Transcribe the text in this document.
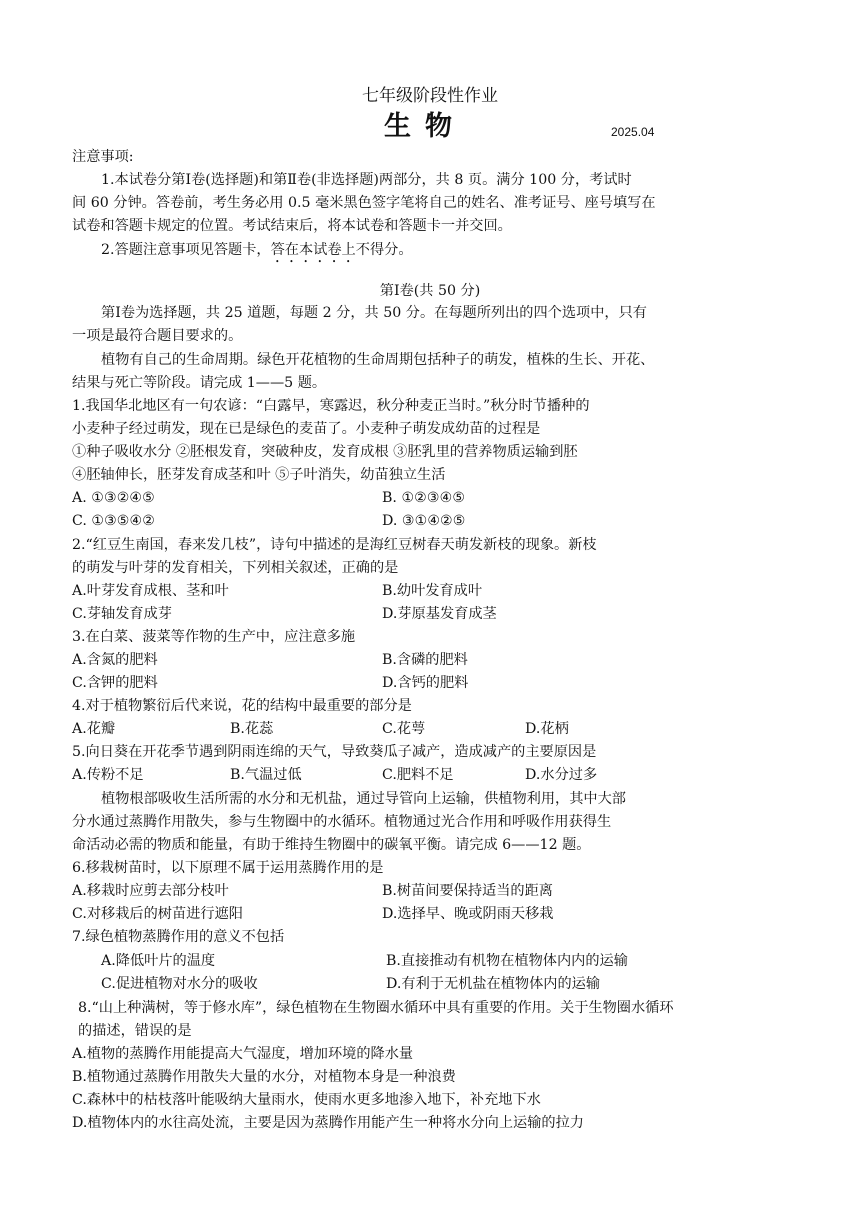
七年级阶段性作业
生物	2025.04
注意事项:
1.本试卷分第Ⅰ卷(选择题)和第Ⅱ卷(非选择题)两部分，共 8 页。满分 100 分，考试时
间 60 分钟。答卷前，考生务必用 0.5 毫米黑色签字笔将自己的姓名、准考证号、座号填写在
试卷和答题卡规定的位置。考试结束后，将本试卷和答题卡一并交回。
2.答题注意事项见答题卡，答在本试卷上不得分。
第Ⅰ卷(共 50 分)
第Ⅰ卷为选择题，共 25 道题，每题 2 分，共 50 分。在每题所列出的四个选项中，只有
一项是最符合题目要求的。
植物有自己的生命周期。绿色开花植物的生命周期包括种子的萌发，植株的生长、开花、
结果与死亡等阶段。请完成 1——5 题。
1.我国华北地区有一句农谚：“白露早，寒露迟，秋分种麦正当时。”秋分时节播种的
小麦种子经过萌发，现在已是绿色的麦苗了。小麦种子萌发成幼苗的过程是
①种子吸收水分 ②胚根发育，突破种皮，发育成根 ③胚乳里的营养物质运输到胚
④胚轴伸长，胚芽发育成茎和叶 ⑤子叶消失，幼苗独立生活
A. ①③②④⑤	B. ①②③④⑤
C. ①③⑤④②	D. ③①④②⑤
2.“红豆生南国，春来发几枝”，诗句中描述的是海红豆树春天萌发新枝的现象。新枝
的萌发与叶芽的发育相关，下列相关叙述，正确的是
A.叶芽发育成根、茎和叶	B.幼叶发育成叶
C.芽轴发育成芽	D.芽原基发育成茎
3.在白菜、菠菜等作物的生产中，应注意多施
A.含氮的肥料	B.含磷的肥料
C.含钾的肥料	D.含钙的肥料
4.对于植物繁衍后代来说，花的结构中最重要的部分是
A.花瓣	B.花蕊	C.花萼	D.花柄
5.向日葵在开花季节遇到阴雨连绵的天气，导致葵瓜子减产，造成减产的主要原因是
A.传粉不足	B.气温过低	C.肥料不足	D.水分过多
植物根部吸收生活所需的水分和无机盐，通过导管向上运输，供植物利用，其中大部
分水通过蒸腾作用散失，参与生物圈中的水循环。植物通过光合作用和呼吸作用获得生
命活动必需的物质和能量，有助于维持生物圈中的碳氧平衡。请完成 6——12 题。
6.移栽树苗时，以下原理不属于运用蒸腾作用的是
A.移栽时应剪去部分枝叶	B.树苗间要保持适当的距离
C.对移栽后的树苗进行遮阳	D.选择早、晚或阴雨天移栽
7.绿色植物蒸腾作用的意义不包括
A.降低叶片的温度	B.直接推动有机物在植物体内内的运输
C.促进植物对水分的吸收	D.有利于无机盐在植物体内的运输
8.“山上种满树，等于修水库”，绿色植物在生物圈水循环中具有重要的作用。关于生物圈水循环
的描述，错误的是
A.植物的蒸腾作用能提高大气湿度，增加环境的降水量
B.植物通过蒸腾作用散失大量的水分，对植物本身是一种浪费
C.森林中的枯枝落叶能吸纳大量雨水，使雨水更多地渗入地下，补充地下水
D.植物体内的水往高处流，主要是因为蒸腾作用能产生一种将水分向上运输的拉力
